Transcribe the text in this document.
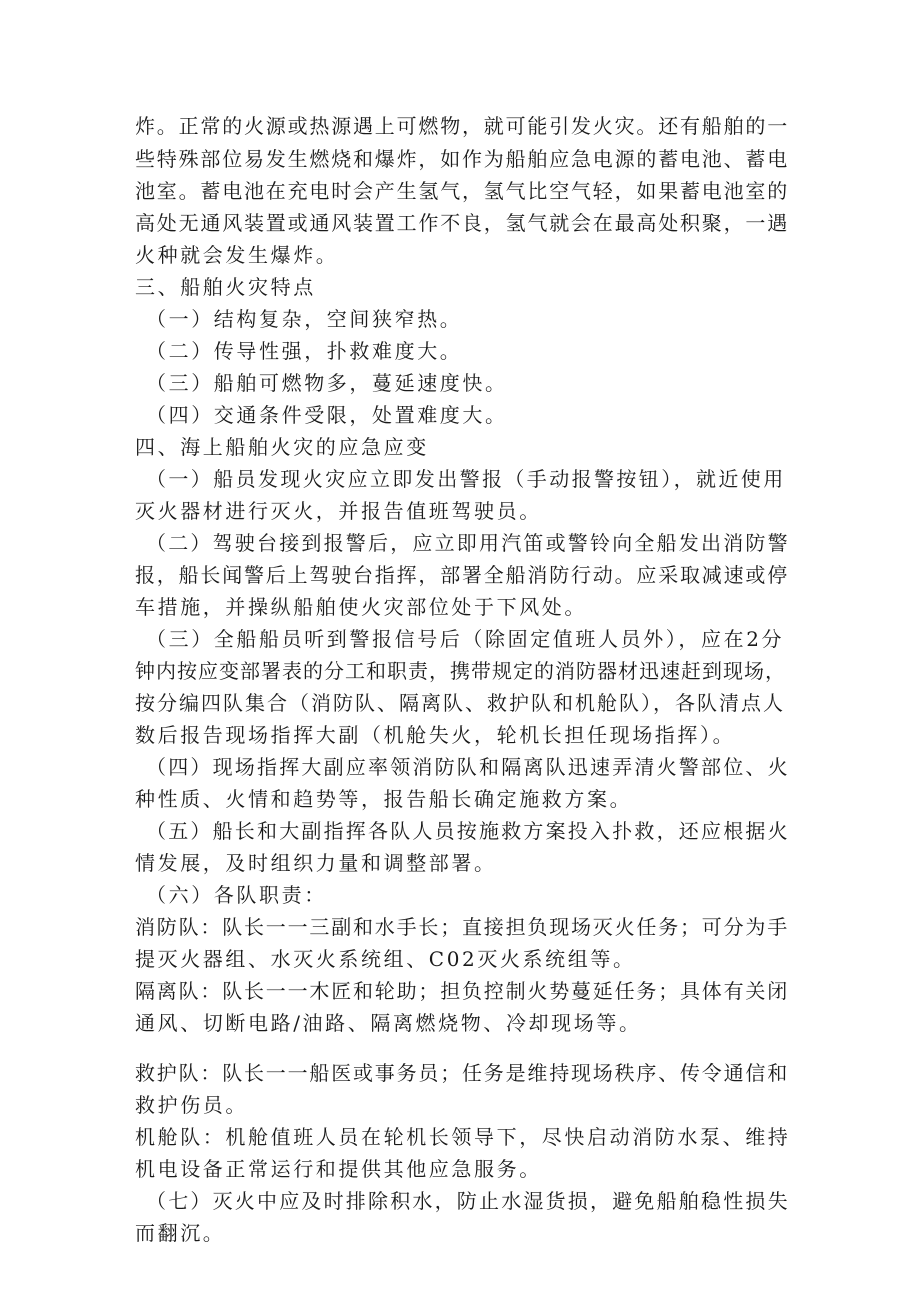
炸。正常的火源或热源遇上可燃物，就可能引发火灾。还有船舶的一
些特殊部位易发生燃烧和爆炸，如作为船舶应急电源的蓄电池、蓄电
池室。蓄电池在充电时会产生氢气，氢气比空气轻，如果蓄电池室的
高处无通风装置或通风装置工作不良，氢气就会在最高处积聚，一遇
火种就会发生爆炸。
三、船舶火灾特点
（一）结构复杂，空间狭窄热。
（二）传导性强，扑救难度大。
（三）船舶可燃物多，蔓延速度快。
（四）交通条件受限，处置难度大。
四、海上船舶火灾的应急应变
（一）船员发现火灾应立即发出警报（手动报警按钮），就近使用
灭火器材进行灭火，并报告值班驾驶员。
（二）驾驶台接到报警后，应立即用汽笛或警铃向全船发出消防警
报，船长闻警后上驾驶台指挥，部署全船消防行动。应采取减速或停
车措施，并操纵船舶使火灾部位处于下风处。
（三）全船船员听到警报信号后（除固定值班人员外），应在2分
钟内按应变部署表的分工和职责，携带规定的消防器材迅速赶到现场，
按分编四队集合（消防队、隔离队、救护队和机舱队），各队清点人
数后报告现场指挥大副（机舱失火，轮机长担任现场指挥）。
（四）现场指挥大副应率领消防队和隔离队迅速弄清火警部位、火
种性质、火情和趋势等，报告船长确定施救方案。
（五）船长和大副指挥各队人员按施救方案投入扑救，还应根据火
情发展，及时组织力量和调整部署。
（六）各队职责：
消防队：队长一一三副和水手长；直接担负现场灭火任务；可分为手
提灭火器组、水灭火系统组、C02灭火系统组等。
隔离队：队长一一木匠和轮助；担负控制火势蔓延任务；具体有关闭
通风、切断电路/油路、隔离燃烧物、冷却现场等。
救护队：队长一一船医或事务员；任务是维持现场秩序、传令通信和
救护伤员。
机舱队：机舱值班人员在轮机长领导下，尽快启动消防水泵、维持
机电设备正常运行和提供其他应急服务。
（七）灭火中应及时排除积水，防止水湿货损，避免船舶稳性损失
而翻沉。
